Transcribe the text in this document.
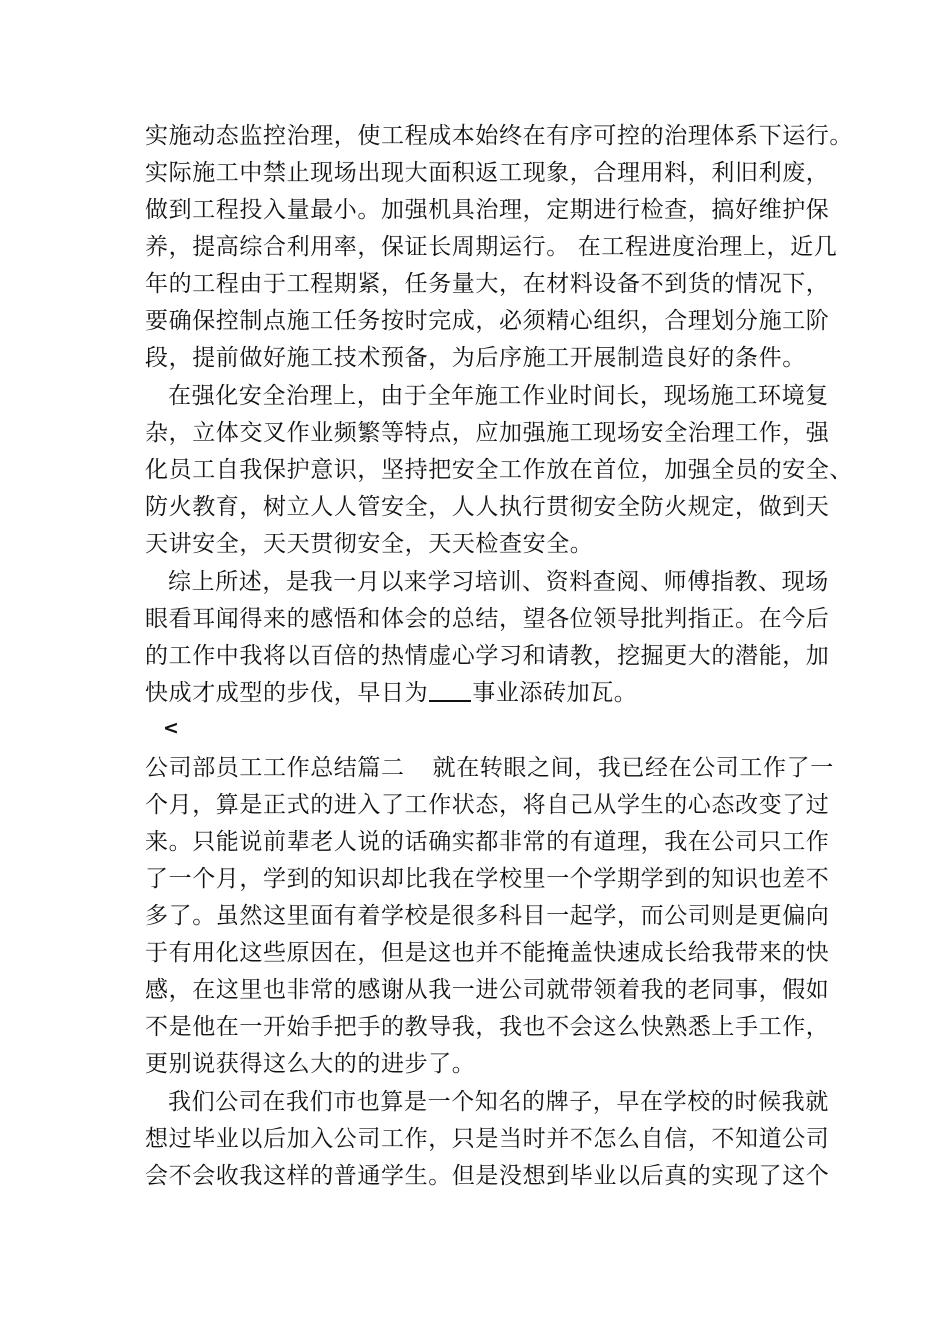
实施动态监控治理，使工程成本始终在有序可控的治理体系下运行。
实际施工中禁止现场出现大面积返工现象，合理用料，利旧利废，
做到工程投入量最小。加强机具治理，定期进行检查，搞好维护保
养，提高综合利用率，保证长周期运行。 在工程进度治理上，近几
年的工程由于工程期紧，任务量大，在材料设备不到货的情况下，
要确保控制点施工任务按时完成，必须精心组织，合理划分施工阶
段，提前做好施工技术预备，为后序施工开展制造良好的条件。
在强化安全治理上，由于全年施工作业时间长，现场施工环境复
杂，立体交叉作业频繁等特点，应加强施工现场安全治理工作，强
化员工自我保护意识，坚持把安全工作放在首位，加强全员的安全、
防火教育，树立人人管安全，人人执行贯彻安全防火规定，做到天
天讲安全，天天贯彻安全，天天检查安全。
综上所述，是我一月以来学习培训、资料查阅、师傅指教、现场
眼看耳闻得来的感悟和体会的总结，望各位领导批判指正。在今后
的工作中我将以百倍的热情虚心学习和请教，挖掘更大的潜能，加
快成才成型的步伐，早日为 事业添砖加瓦。
<
公司部员工工作总结篇二 就在转眼之间，我已经在公司工作了一
个月，算是正式的进入了工作状态，将自己从学生的心态改变了过
来。只能说前辈老人说的话确实都非常的有道理，我在公司只工作
了一个月，学到的知识却比我在学校里一个学期学到的知识也差不
多了。虽然这里面有着学校是很多科目一起学，而公司则是更偏向
于有用化这些原因在，但是这也并不能掩盖快速成长给我带来的快
感，在这里也非常的感谢从我一进公司就带领着我的老同事，假如
不是他在一开始手把手的教导我，我也不会这么快熟悉上手工作，
更别说获得这么大的的进步了。
我们公司在我们市也算是一个知名的牌子，早在学校的时候我就
想过毕业以后加入公司工作，只是当时并不怎么自信，不知道公司
会不会收我这样的普通学生。但是没想到毕业以后真的实现了这个
